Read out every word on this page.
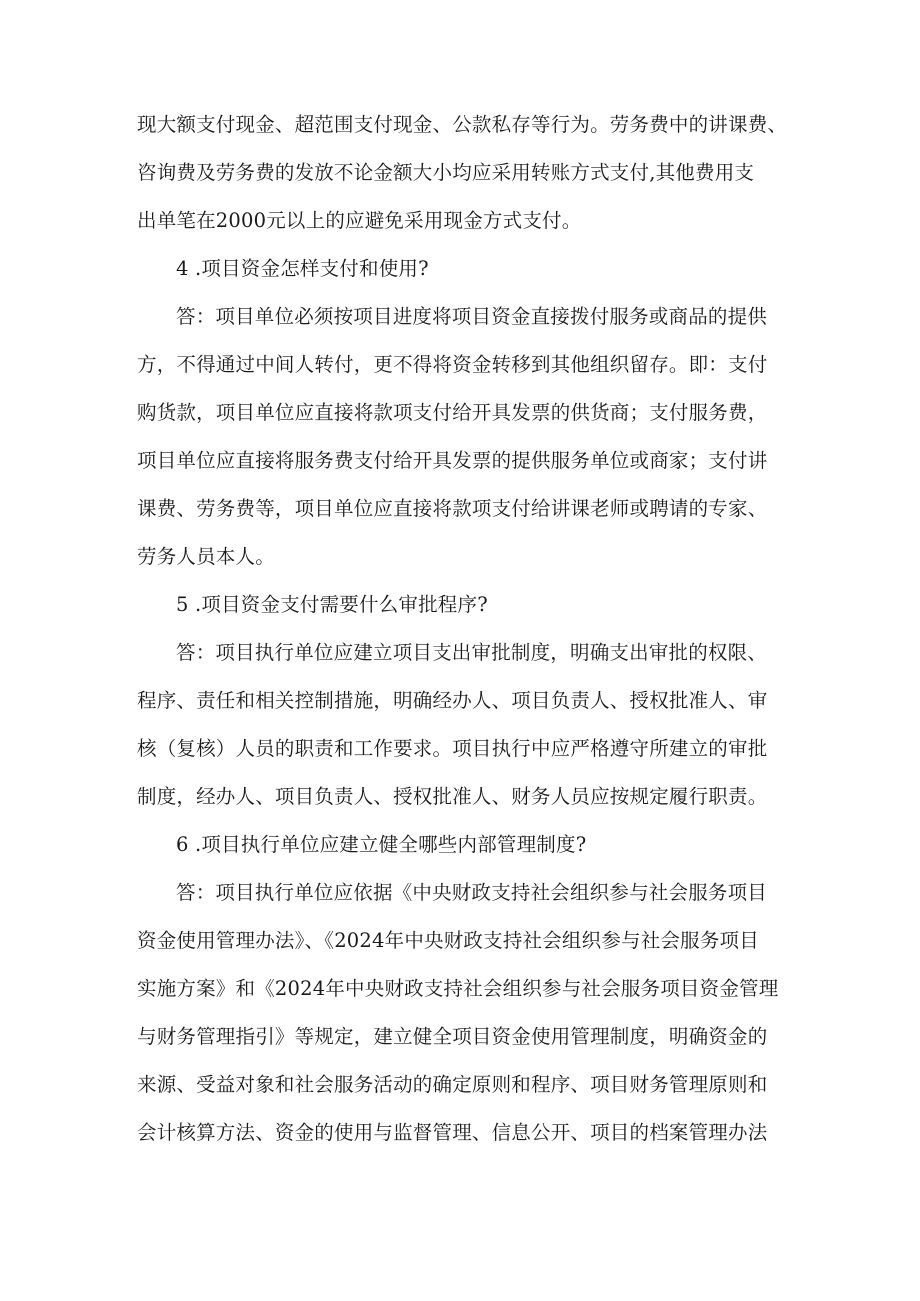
现大额支付现金、超范围支付现金、公款私存等行为。劳务费中的讲课费、
咨询费及劳务费的发放不论金额大小均应采用转账方式支付,其他费用支
出单笔在2000元以上的应避免采用现金方式支付。
4 .项目资金怎样支付和使用?
答：项目单位必须按项目进度将项目资金直接拨付服务或商品的提供
方，不得通过中间人转付，更不得将资金转移到其他组织留存。即：支付
购货款，项目单位应直接将款项支付给开具发票的供货商；支付服务费，
项目单位应直接将服务费支付给开具发票的提供服务单位或商家；支付讲
课费、劳务费等，项目单位应直接将款项支付给讲课老师或聘请的专家、
劳务人员本人。
5 .项目资金支付需要什么审批程序?
答：项目执行单位应建立项目支出审批制度，明确支出审批的权限、
程序、责任和相关控制措施，明确经办人、项目负责人、授权批准人、审
核（复核）人员的职责和工作要求。项目执行中应严格遵守所建立的审批
制度，经办人、项目负责人、授权批准人、财务人员应按规定履行职责。
6 .项目执行单位应建立健全哪些内部管理制度?
答：项目执行单位应依据《中央财政支持社会组织参与社会服务项目
资金使用管理办法》、《2024年中央财政支持社会组织参与社会服务项目
实施方案》和《2024年中央财政支持社会组织参与社会服务项目资金管理
与财务管理指引》等规定，建立健全项目资金使用管理制度，明确资金的
来源、受益对象和社会服务活动的确定原则和程序、项目财务管理原则和
会计核算方法、资金的使用与监督管理、信息公开、项目的档案管理办法
